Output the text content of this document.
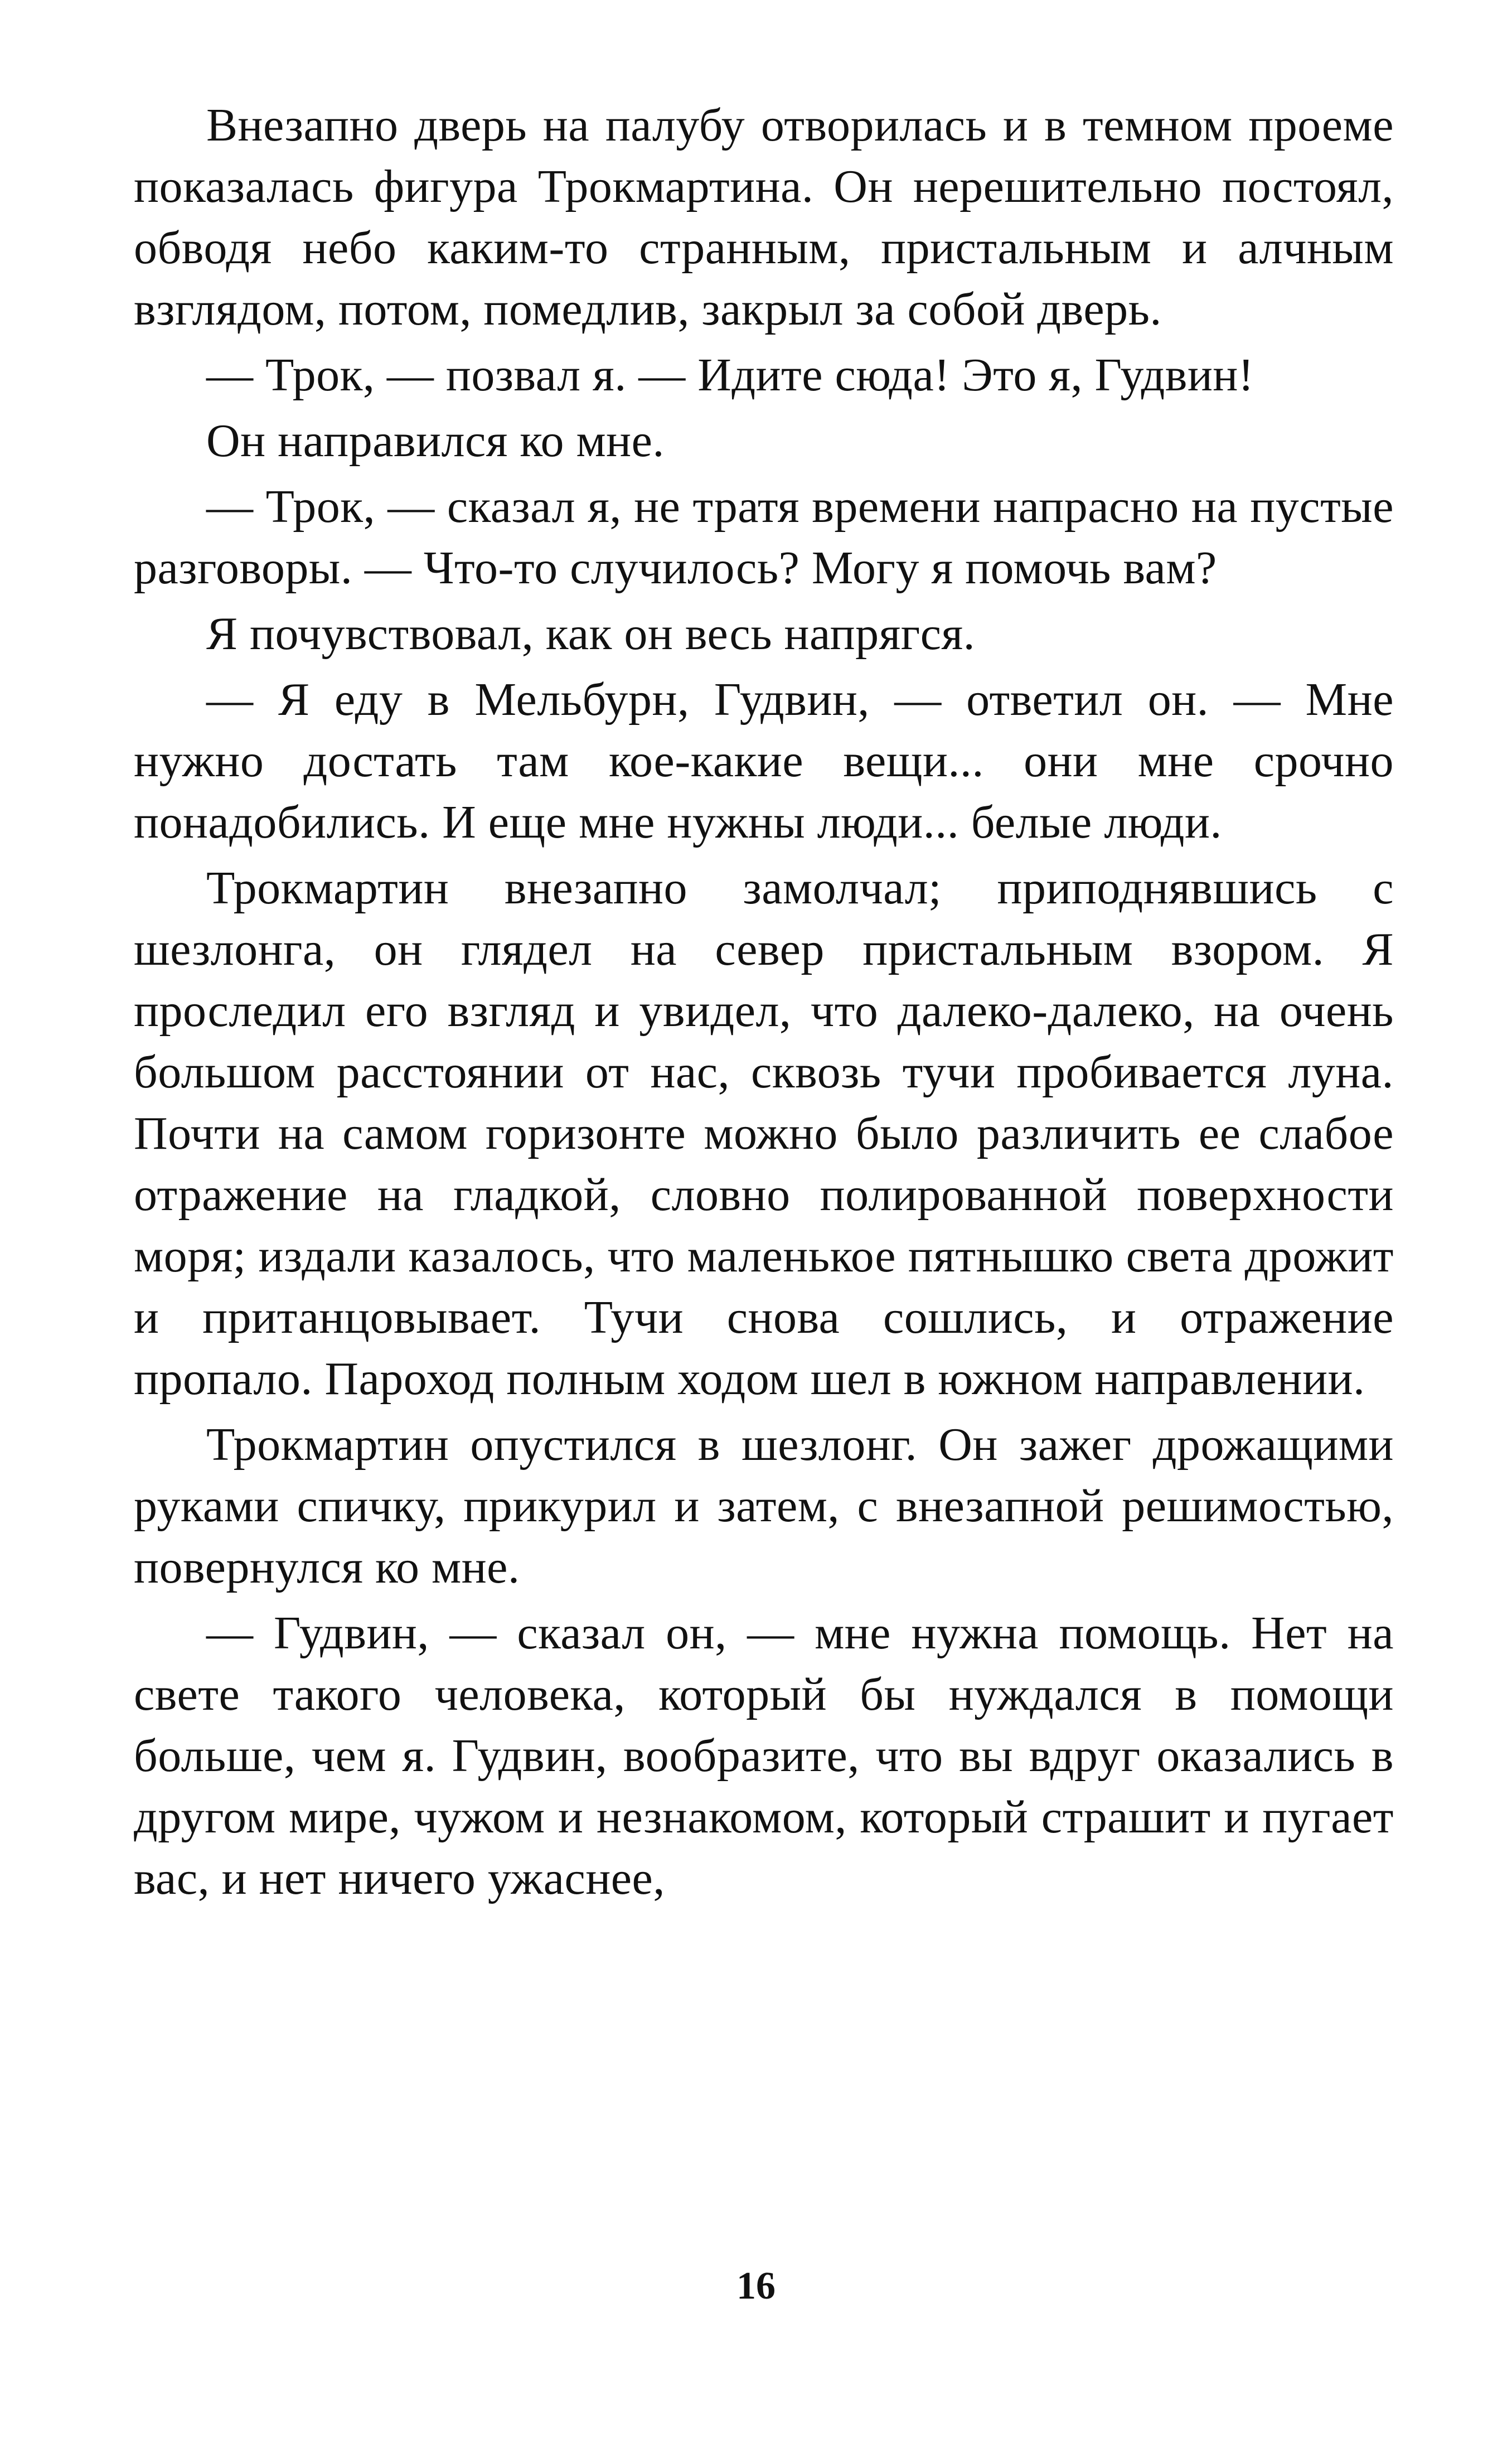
Внезапно дверь на палубу отворилась и в темном проеме показалась фигура Трокмартина. Он нерешительно постоял, обводя небо каким-то странным, пристальным и алчным взглядом, потом, помедлив, закрыл за собой дверь.

— Трок, — позвал я. — Идите сюда! Это я, Гудвин!

Он направился ко мне.

— Трок, — сказал я, не тратя времени напрасно на пустые разговоры. — Что-то случилось? Могу я помочь вам?

Я почувствовал, как он весь напрягся.

— Я еду в Мельбурн, Гудвин, — ответил он. — Мне нужно достать там кое-какие вещи... они мне срочно понадобились. И еще мне нужны люди... белые люди.

Трокмартин внезапно замолчал; приподнявшись с шезлонга, он глядел на север пристальным взором. Я проследил его взгляд и увидел, что далеко-далеко, на очень большом расстоянии от нас, сквозь тучи пробивается луна. Почти на самом горизонте можно было различить ее слабое отражение на гладкой, словно полированной поверхности моря; издали казалось, что маленькое пятнышко света дрожит и пританцовывает. Тучи снова сошлись, и отражение пропало. Пароход полным ходом шел в южном направлении.

Трокмартин опустился в шезлонг. Он зажег дрожащими руками спичку, прикурил и затем, с внезапной решимостью, повернулся ко мне.

— Гудвин, — сказал он, — мне нужна помощь. Нет на свете такого человека, который бы нуждался в помощи больше, чем я. Гудвин, вообразите, что вы вдруг оказались в другом мире, чужом и незнакомом, который страшит и пугает вас, и нет ничего ужаснее,

16
